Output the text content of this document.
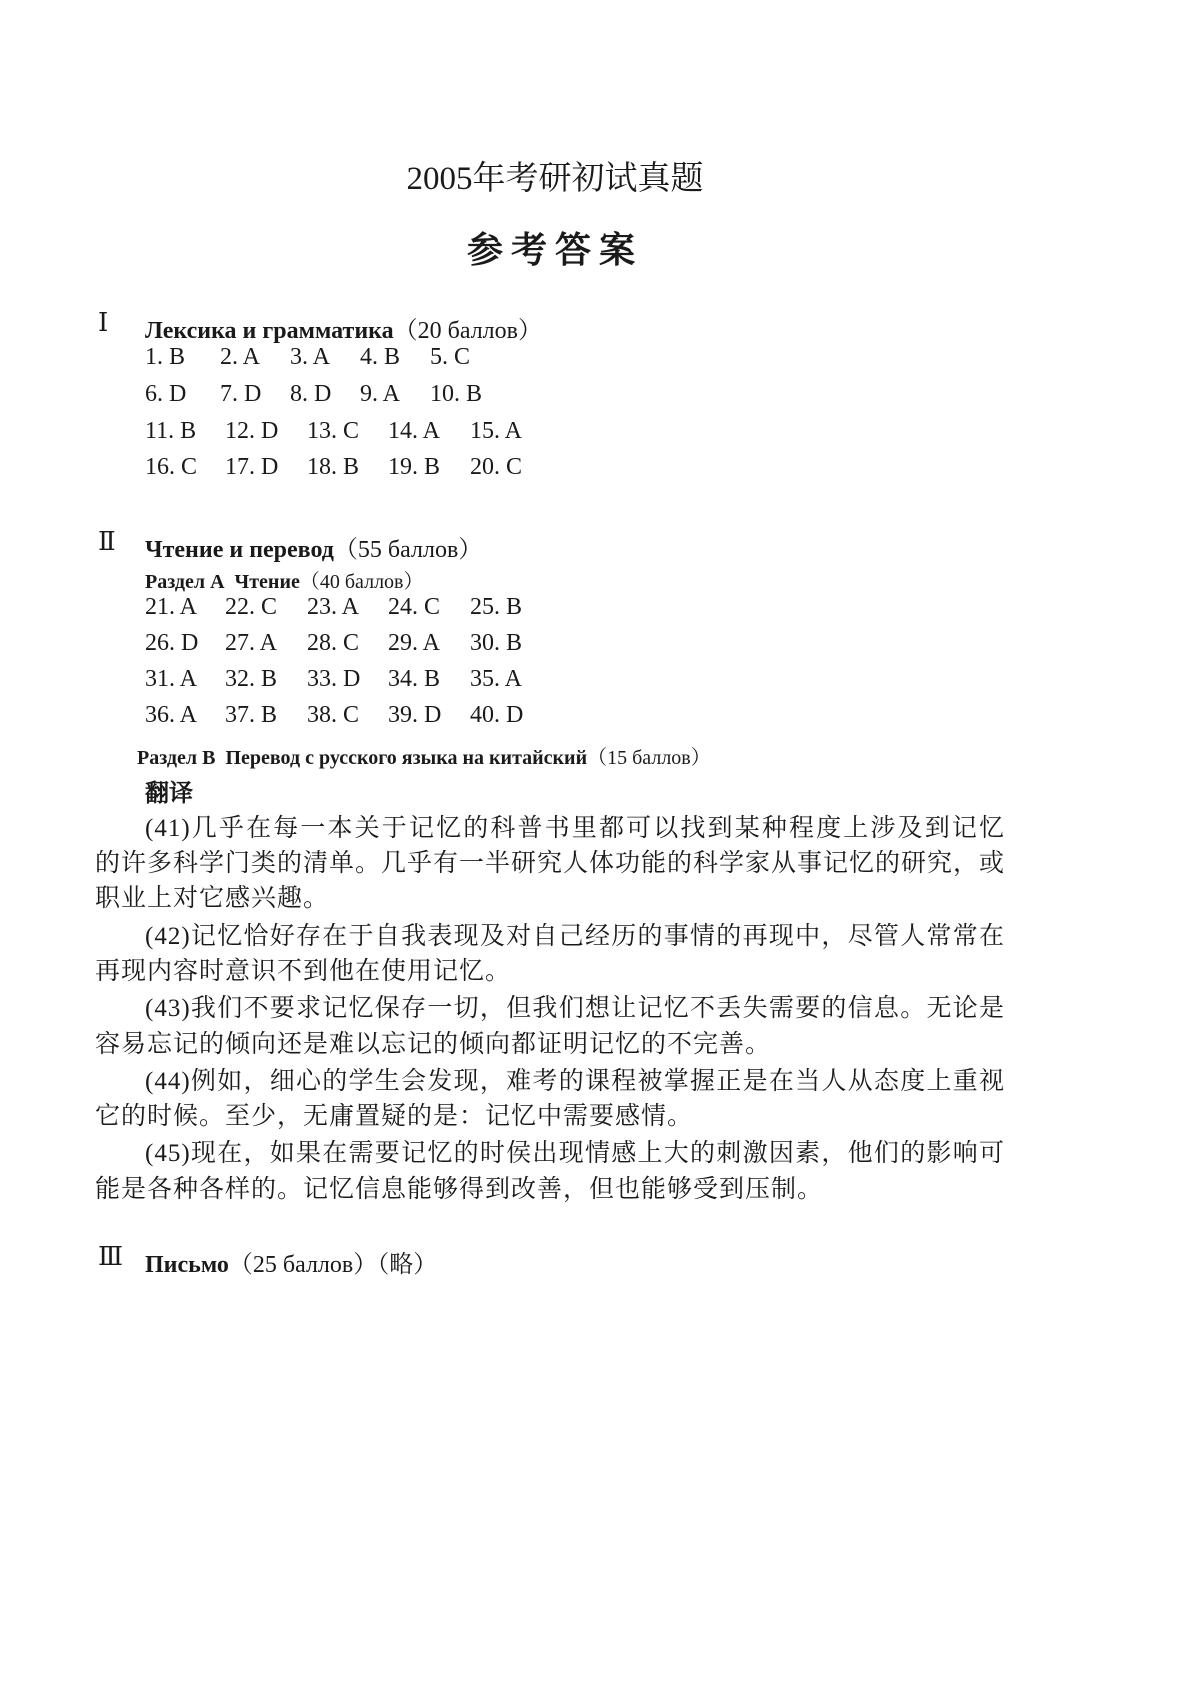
2005年考研初试真题
参考答案
Ⅰ Лексика и грамматика（20 баллов）
1. B 2. A 3. A 4. B 5. C
6. D 7. D 8. D 9. A 10. B
11. B 12. D 13. C 14. A 15. A
16. C 17. D 18. B 19. B 20. C
Ⅱ Чтение и перевод（55 баллов）
Раздел А  Чтение（40 баллов）
21. A 22. C 23. A 24. C 25. B
26. D 27. A 28. C 29. A 30. B
31. A 32. B 33. D 34. B 35. A
36. A 37. B 38. C 39. D 40. D
Раздел В  Перевод с русского языка на китайский（15 баллов）
翻译
(41)几乎在每一本关于记忆的科普书里都可以找到某种程度上涉及到记忆
的许多科学门类的清单。几乎有一半研究人体功能的科学家从事记忆的研究，或
职业上对它感兴趣。
(42)记忆恰好存在于自我表现及对自己经历的事情的再现中，尽管人常常在
再现内容时意识不到他在使用记忆。
(43)我们不要求记忆保存一切，但我们想让记忆不丢失需要的信息。无论是
容易忘记的倾向还是难以忘记的倾向都证明记忆的不完善。
(44)例如，细心的学生会发现，难考的课程被掌握正是在当人从态度上重视
它的时候。至少，无庸置疑的是：记忆中需要感情。
(45)现在，如果在需要记忆的时侯出现情感上大的刺激因素，他们的影响可
能是各种各样的。记忆信息能够得到改善，但也能够受到压制。
Ⅲ Письмо（25 баллов）（略）
